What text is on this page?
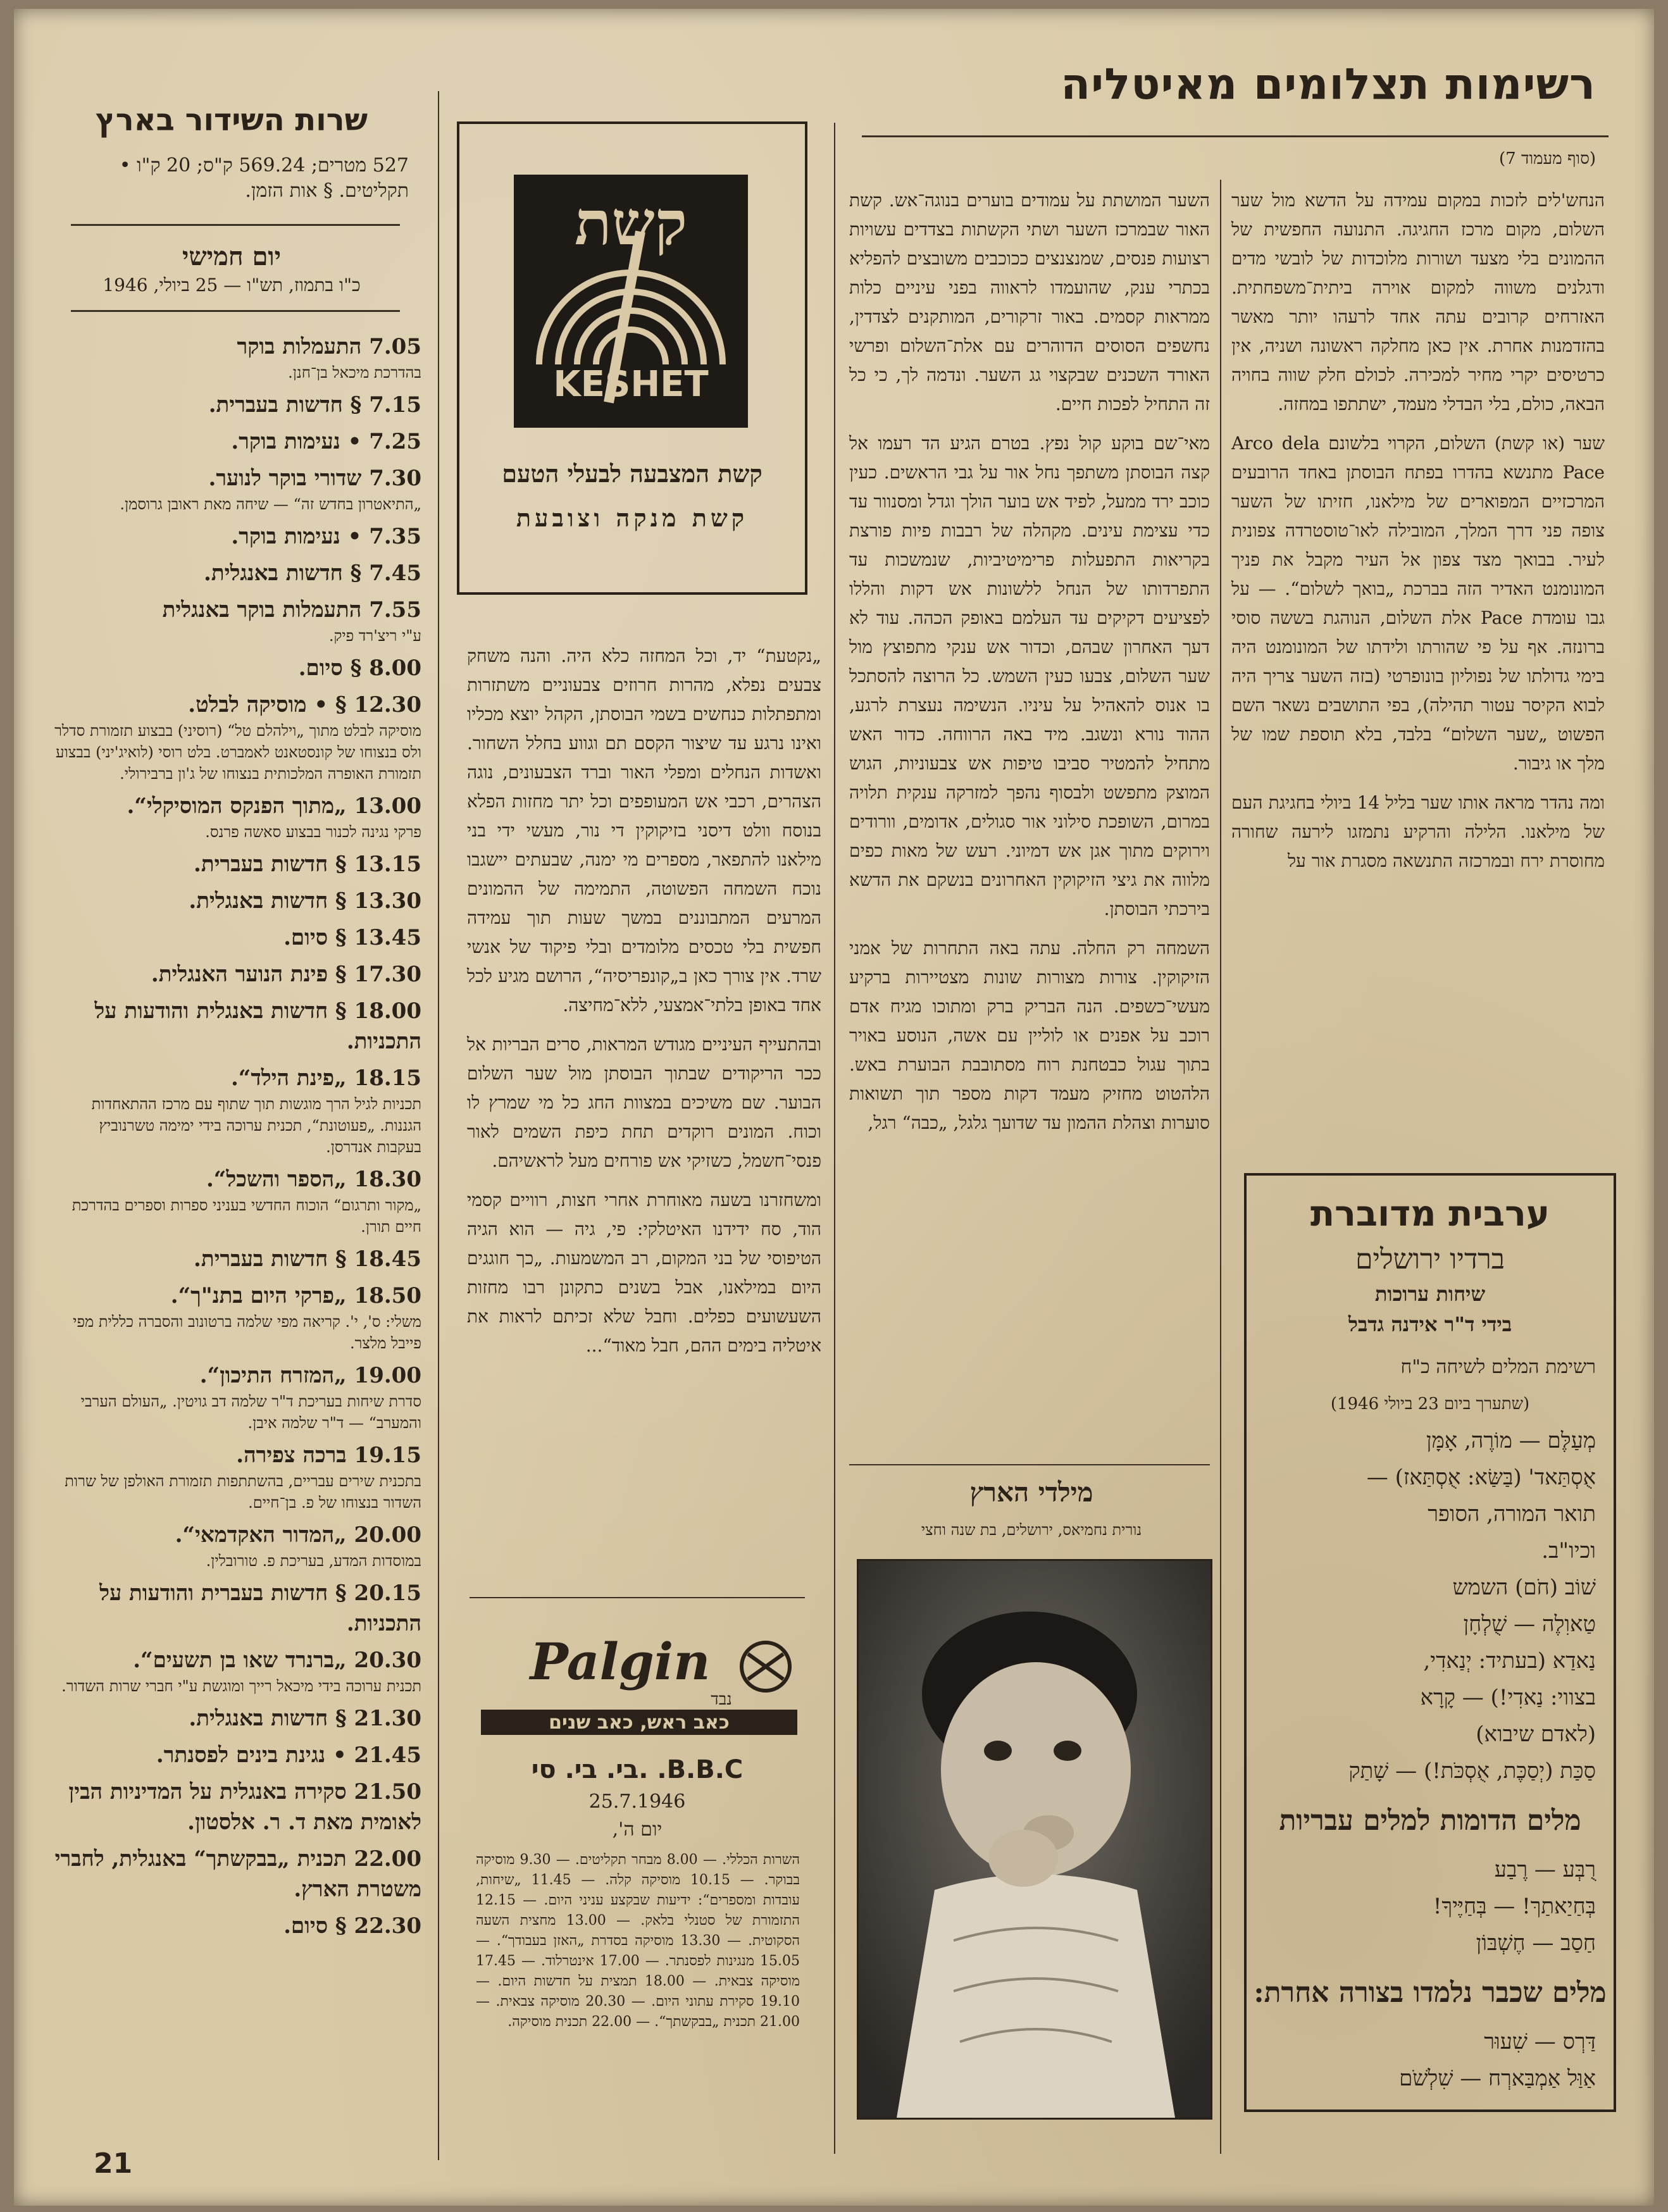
רשימות תצלומים מאיטליה
(סוף מעמוד 7)

הנחש'לים לזכות במקום עמידה על הדשא מול שער השלום, מקום מרכז החגיגה. התנועה החפשית של ההמונים בלי מצעד ושורות מלוכדות של לובשי מדים ודגלנים משווה למקום אוירה ביתית־משפחתית. האזרחים קרובים עתה אחד לרעהו יותר מאשר בהזדמנות אחרת. אין כאן מחלקה ראשונה ושניה, אין כרטיסים יקרי מחיר למכירה. לכולם חלק שווה בחויה הבאה, כולם, בלי הבדלי מעמד, ישתתפו במחזה.

שער (או קשת) השלום, הקרוי בלשונם Arco dela Pace מתנשא בהדרו בפתח הבוסתן באחד הרובעים המרכזיים המפוארים של מילאנו, חזיתו של השער צופה פני דרך המלך, המובילה לאו־טוסטרדה צפונית לעיר. בבואך מצד צפון אל העיר מקבל את פניך המונומנט האדיר הזה בברכת „בואך לשלום“. — על גבו עומדת Pace אלת השלום, הנוהגת בששה סוסי ברונזה. אף על פי שהורתו ולידתו של המונומנט היה בימי גדולתו של נפוליון בונופרטי (בזה השער צריך היה לבוא הקיסר עטור תהילה), בפי התושבים נשאר השם הפשוט „שער השלום“ בלבד, בלא תוספת שמו של מלך או גיבור.

ומה נהדר מראה אותו שער בליל 14 ביולי בחגיגת העם של מילאנו. הלילה והרקיע נתמזגו לירעה שחורה מחוסרת ירח ובמרכזה התנשאה מסגרת אור על

השער המושתת על עמודים בוערים בנוגה־אש. קשת האור שבמרכז השער ושתי הקשתות בצדדים עשויות רצועות פנסים, שמנצנצים ככוכבים משובצים להפליא בכתרי ענק, שהועמדו לראווה בפני עיניים כלות ממראות קסמים. באור זרקורים, המותקנים לצדדין, נחשפים הסוסים הדוהרים עם אלת־השלום ופרשי האורד השכנים שבקצוי גג השער. ונדמה לך, כי כל זה התחיל לפכות חיים.

מאי־שם בוקע קול נפץ. בטרם הגיע הד רעמו אל קצה הבוסתן משתפך נחל אור על גבי הראשים. כעין כוכב ירד ממעל, לפיד אש בוער הולך וגדל ומסנוור עד כדי עצימת עינים. מקהלה של רבבות פיות פורצת בקריאות התפעלות פרימיטיביות, שנמשכות עד התפרדותו של הנחל ללשונות אש דקות והללו לפציעים דקיקים עד העלמם באופק הכהה. עוד לא דעך האחרון שבהם, וכדור אש ענקי מתפוצץ מול שער השלום, צבעו כעין השמש. כל הרוצה להסתכל בו אנוס להאהיל על עיניו. הנשימה נעצרת לרגע, ההוד נורא ונשגב. מיד באה הרווחה. כדור האש מתחיל להמטיר סביבו טיפות אש צבעוניות, הגוש המוצק מתפשט ולבסוף נהפך למזרקה ענקית תלויה במרום, השופכת סילוני אור סגולים, אדומים, וורודים וירוקים מתוך אגן אש דמיוני. רעש של מאות כפים מלווה את גיצי הזיקוקין האחרונים בנשקם את הדשא בירכתי הבוסתן.

השמחה רק החלה. עתה באה התחרות של אמני הזיקוקין. צורות מצורות שונות מצטיירות ברקיע מעשי־כשפים. הנה הבריק ברק ומתוכו מגיח אדם רוכב על אפנים או לוליין עם אשה, הנוסע באויר בתוך עגול כבטחנת רוח מסתובבת הבוערת באש. הלהטוט מחזיק מעמד דקות מספר תוך תשואות סוערות וצהלת ההמון עד שדועך גלגל, „כבה“ רגל,

מילדי הארץ
נורית נחמיאס, ירושלים, בת שנה וחצי

„נקטעת“ יד, וכל המחזה כלא היה. והנה משחק צבעים נפלא, מהרות חרוזים צבעוניים משתזרות ומתפתלות כנחשים בשמי הבוסתן, הקהל יוצא מכליו ואינו נרגע עד שיצור הקסם תם וגווע בחלל השחור. ואשדות הנחלים ומפלי האור וברד הצבעונים, נוגה הצהרים, רכבי אש המעופפים וכל יתר מחזות הפלא בנוסח וולט דיסני בזיקוקין די נור, מעשי ידי בני מילאנו להתפאר, מספרים מי ימנה, שבעתים יישגבו נוכח השמחה הפשוטה, התמימה של ההמונים המרעים המתבוננים במשך שעות תוך עמידה חפשית בלי טכסים מלומדים ובלי פיקוד של אנשי שרד. אין צורך כאן ב„קונפריסיה“, הרושם מגיע לכל אחד באופן בלתי־אמצעי, ללא־מחיצה.

ובהתעייף העיניים מגודש המראות, סרים הבריות אל ככר הריקודים שבתוך הבוסתן מול שער השלום הבוער. שם משיכים במצוות החג כל מי שמרץ לו וכוח. המונים רוקדים תחת כיפת השמים לאור פנסי־חשמל, כשזיקי אש פורחים מעל לראשיהם.

ומשחזרנו בשעה מאוחרת אחרי חצות, רוויים קסמי הוד, סח ידידנו האיטלקי: פי, גיה — הוא הגיה הטיפוסי של בני המקום, רב המשמעות. „כך חוגגים היום במילאנו, אבל בשנים כתקונן רבו מחזות השעשועים כפלים. וחבל שלא זכיתם לראות את איטליה בימים ההם, חבל מאוד“...

קשת
KESHET
קשת המצבעה לבעלי הטעם
קשת מנקה וצובעת
Palgin
נבד
כאב ראש, כאב שנים
בי. בי. סי. .B.B.C
25.7.1946
יום ה',
השרות הכללי. — 8.00 מבחר תקליטים. — 9.30 מוסיקה בבוקר. — 10.15 מוסיקה קלה. — 11.45 „שיחות, עובדות ומספרים“: ידיעות שבקצע עניני היום. — 12.15 התזמורת של סטנלי בלאק. — 13.00 מחצית השעה הסקוטית. — 13.30 מוסיקה בסדרת „האזן בעבודך“. — 15.05 מנגינות לפסנתר. — 17.00 אינטרלוד. — 17.45 מוסיקה צבאית. — 18.00 תמצית על חדשות היום. — 19.10 סקירת עתוני היום. — 20.30 מוסיקה צבאית. — 21.00 תכנית „בבקשתך“. — 22.00 תכנית מוסיקה.
שרות השידור בארץ
527 מטרים; 569.24 ק"ס; 20 ק"ו • תקליטים. § אות הזמן.
יום חמישי
כ"ו בתמוז, תש"ו — 25 ביולי, 1946
7.05 התעמלות בוקר
בהדרכת מיכאל בן־חנן.
7.15 § חדשות בעברית.
7.25 • נעימות בוקר.
7.30 שדורי בוקר לנוער.
„התיאטרון בחדש זה“ — שיחה מאת ראובן גרוסמן.
7.35 • נעימות בוקר.
7.45 § חדשות באנגלית.
7.55 התעמלות בוקר באנגלית
ע"י ריצ'רד פיק.
8.00 § סיום.
12.30 § • מוסיקה לבלט.
מוסיקה לבלט מתוך „וילהלם טל“ (רוסיני) בבצוע תזמורת סדלר ולס בנצוחו של קונסטאנט לאמברט. בלט רוסי (לואיג'יני) בבצוע תזמורת האופרה המלכותית בנצוחו של ג'ון ברבירולי.
13.00 „מתוך הפנקס המוסיקלי“.
פרקי נגינה לכנור בבצוע סאשה פרנס.
13.15 § חדשות בעברית.
13.30 § חדשות באנגלית.
13.45 § סיום.
17.30 § פינת הנוער האנגלית.
18.00 § חדשות באנגלית והודעות על התכניות.
18.15 „פינת הילד“.
תכניות לגיל הרך מוגשות תוך שתוף עם מרכז ההתאחדות הגננות. „פעוטונת“, תכנית ערוכה בידי ימימה טשרנוביץ בעקבות אנדרסן.
18.30 „הספר והשכל“.
„מקור ותרגום“ הוכוח החדשי בעניני ספרות וספרים בהדרכת חיים תורן.
18.45 § חדשות בעברית.
18.50 „פרקי היום בתנ"ך“.
משלי: ס', י'. קריאה מפי שלמה ברטונוב והסברה כללית מפי פייבל מלצר.
19.00 „המזרח התיכון“.
סדרת שיחות בעריכת ד"ר שלמה דב גויטין. „העולם הערבי והמערב“ — ד"ר שלמה איבן.
19.15 ברכה צפירה.
בתכנית שירים עבריים, בהשתתפות תזמורת האולפן של שרות השדור בנצוחו של פ. בן־חיים.
20.00 „המדור האקדמאי“.
במוסדות המדע, בעריכת פ. טורובלין.
20.15 § חדשות בעברית והודעות על התכניות.
20.30 „ברנרד שאו בן תשעים“.
תכנית ערוכה בידי מיכאל רייך ומוגשת ע"י חברי שרות השדור.
21.30 § חדשות באנגלית.
21.45 • נגינת בינים לפסנתר.
21.50 סקירה באנגלית על המדיניות הבין לאומית מאת ד. ר. אלסטון.
22.00 תכנית „בבקשתך“ באנגלית, לחברי משטרת הארץ.
22.30 § סיום.
ערבית מדוברת
ברדיו ירושלים
שיחות ערוכות
בידי ד"ר אידנה גדבל
רשימת המלים לשיחה כ"ח
(שתערך ביום 23 ביולי 1946)
מְעַלֶּם — מוֹרֶה, אָמָּן
אֻסְתַּאד' (בַּשַּׂא: אֻסְתַּאז) —
תואר המורה, הסופר
וכיו"ב.
שׁוֹב (חֹם) השמש
טַאוִלֶה — שֻׁלְחָן
נַאדַא (בעתיד: יְנַאדִי,
בצווי: נַאדִי!) — קָרָא
(לאדם שיבוא)
סַכַּת (יְסַכֶּת, אֻסְכֹּת!) — שָׁתַק
מלים הדומות למלים עבריות
רֻבְּע — רֶבַע
בְּחַיַאתַךּ! — בְּחַיֶּיךָ!
חַסַב — חֶשְׁבּוֹן
מלים שכבר נלמדו בצורה אחרת:
דַּרְס — שִׁעוּר
אַוַּל אַמְבַּארְח — שִׁלְשֹׁם
21
